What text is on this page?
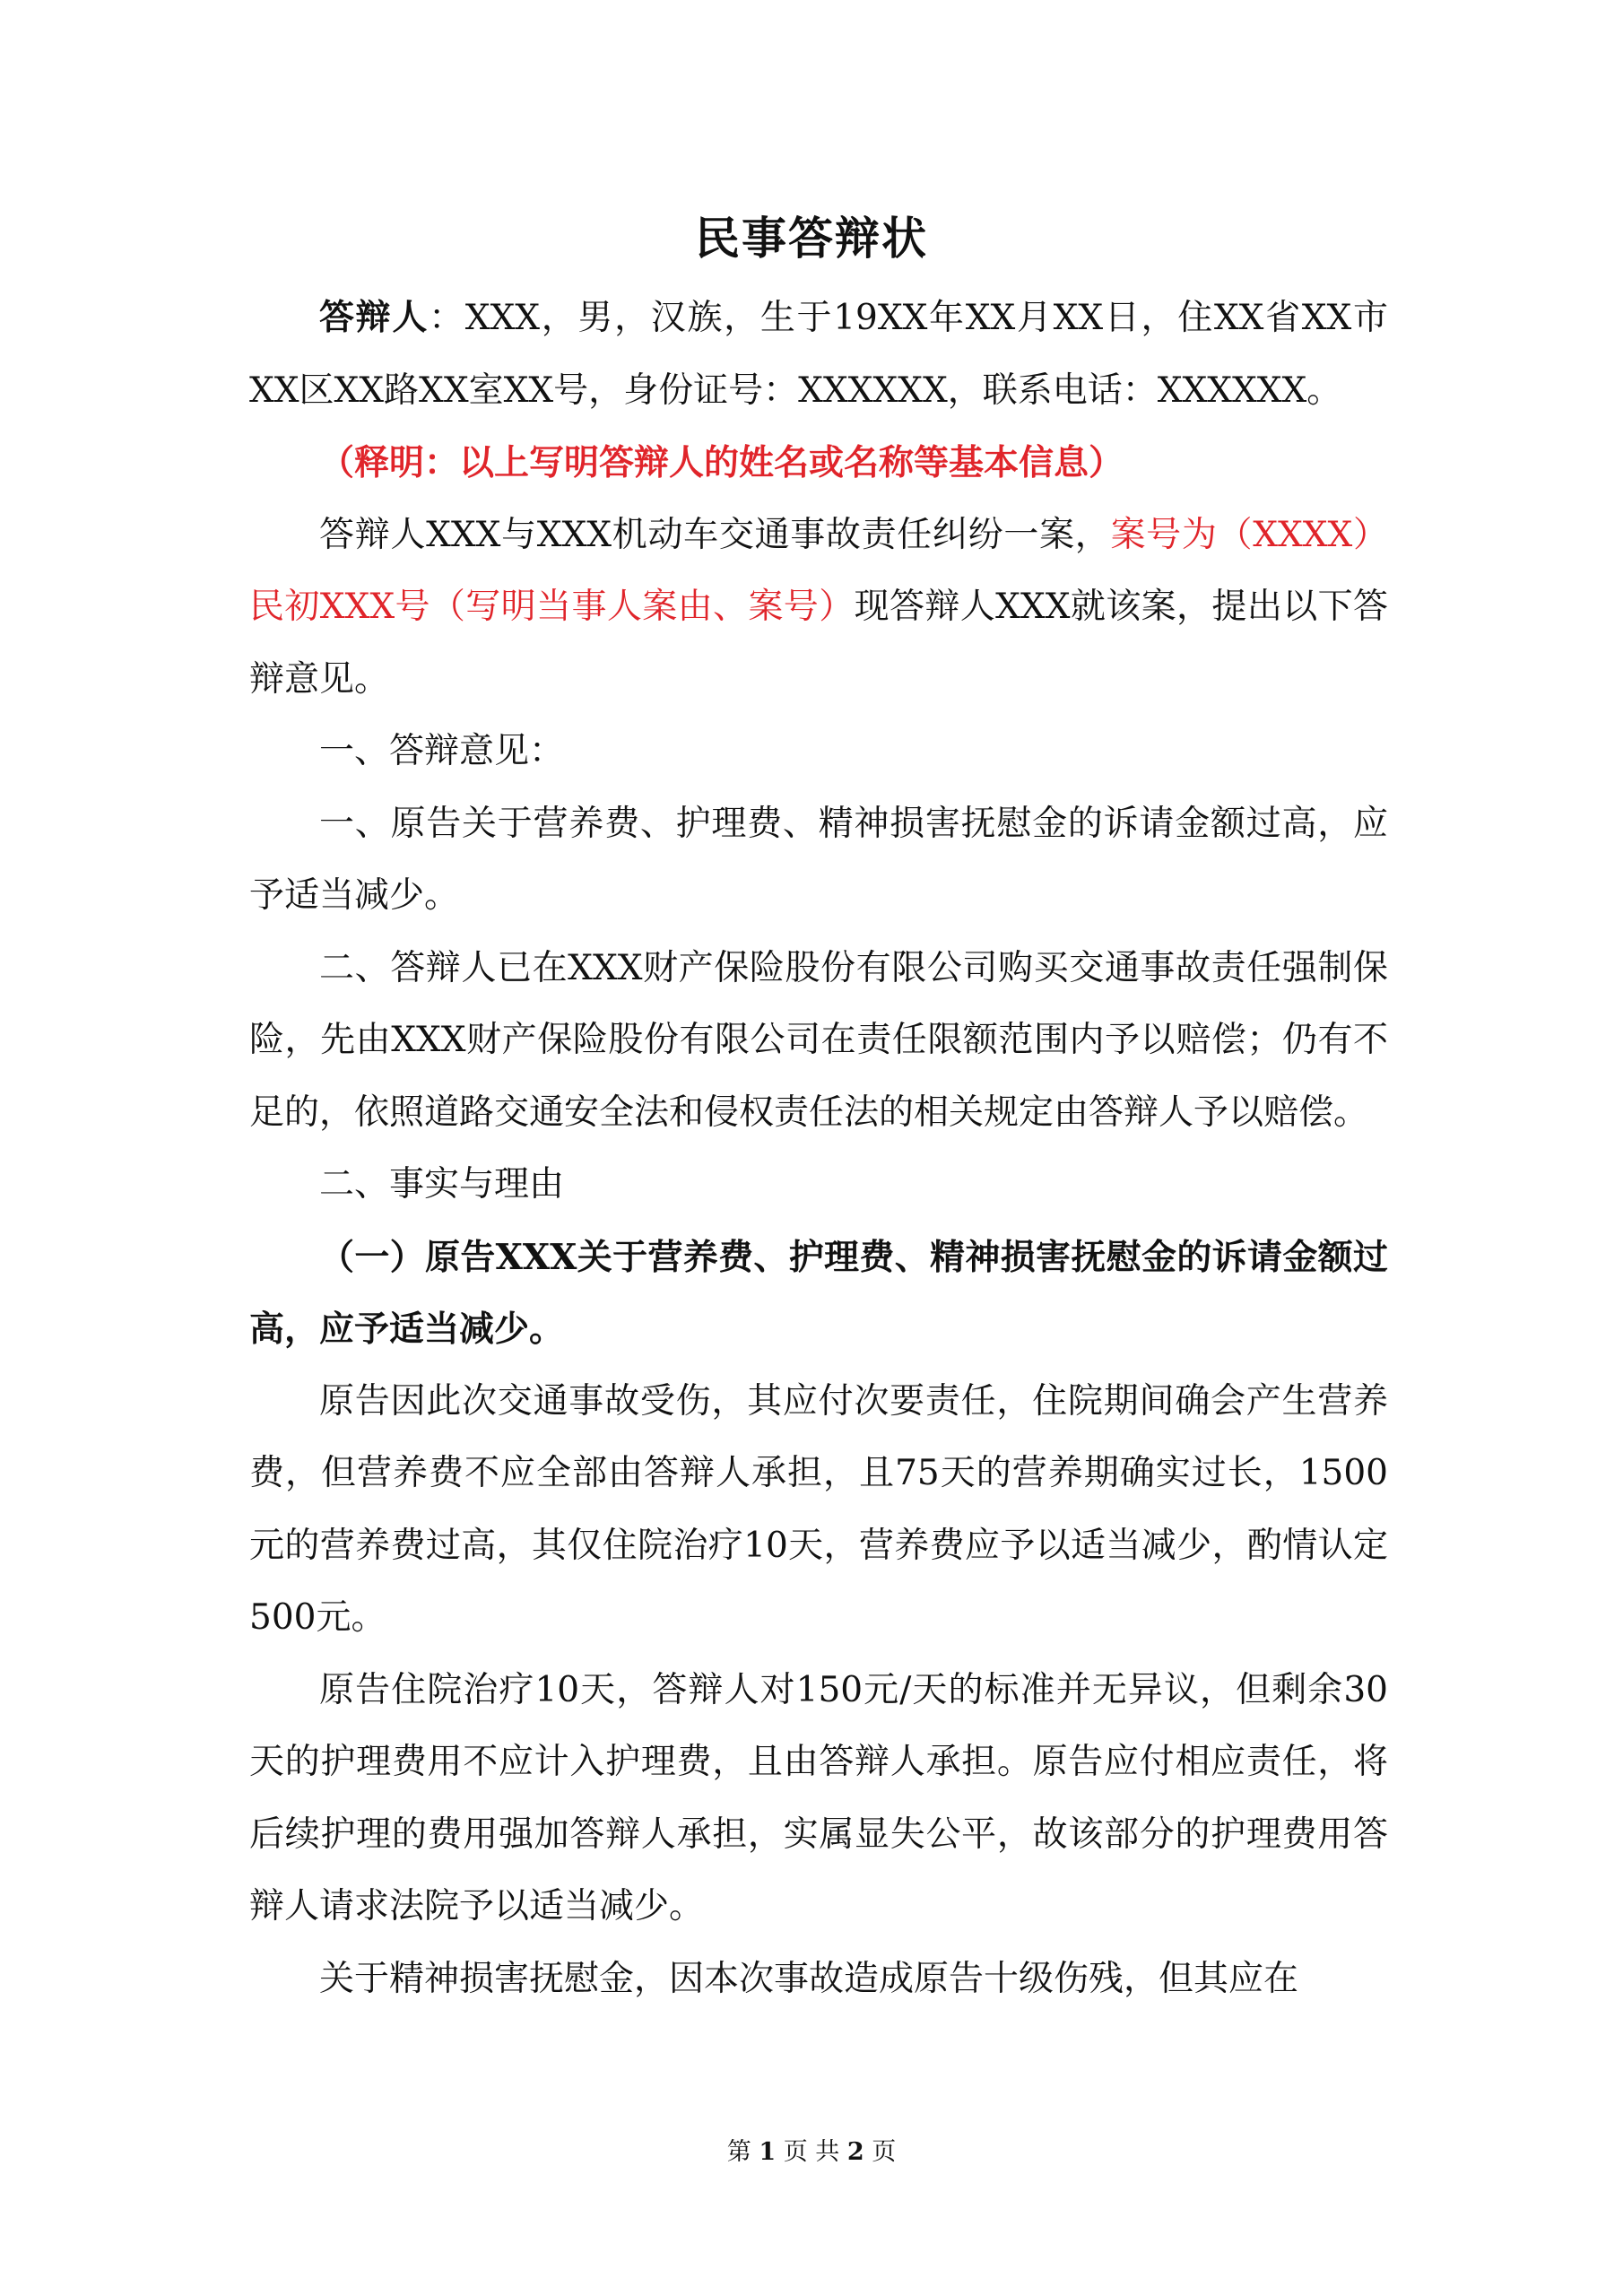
民事答辩状

答辩人：XXX，男，汉族，生于19XX年XX月XX日，住XX省XX市XX区XX路XX室XX号，身份证号：XXXXXX，联系电话：XXXXXX。

（释明：以上写明答辩人的姓名或名称等基本信息）

答辩人XXX与XXX机动车交通事故责任纠纷一案，案号为（XXXX）民初XXX号（写明当事人案由、案号）现答辩人XXX就该案，提出以下答辩意见。

一、答辩意见：

一、原告关于营养费、护理费、精神损害抚慰金的诉请金额过高，应予适当减少。

二、答辩人已在XXX财产保险股份有限公司购买交通事故责任强制保险，先由XXX财产保险股份有限公司在责任限额范围内予以赔偿；仍有不足的，依照道路交通安全法和侵权责任法的相关规定由答辩人予以赔偿。

二、事实与理由

（一）原告XXX关于营养费、护理费、精神损害抚慰金的诉请金额过高，应予适当减少。

原告因此次交通事故受伤，其应付次要责任，住院期间确会产生营养费，但营养费不应全部由答辩人承担，且75天的营养期确实过长，1500元的营养费过高，其仅住院治疗10天，营养费应予以适当减少，酌情认定500元。

原告住院治疗10天，答辩人对150元/天的标准并无异议，但剩余30天的护理费用不应计入护理费，且由答辩人承担。原告应付相应责任，将后续护理的费用强加答辩人承担，实属显失公平，故该部分的护理费用答辩人请求法院予以适当减少。

关于精神损害抚慰金，因本次事故造成原告十级伤残，但其应在

第 1 页 共 2 页
